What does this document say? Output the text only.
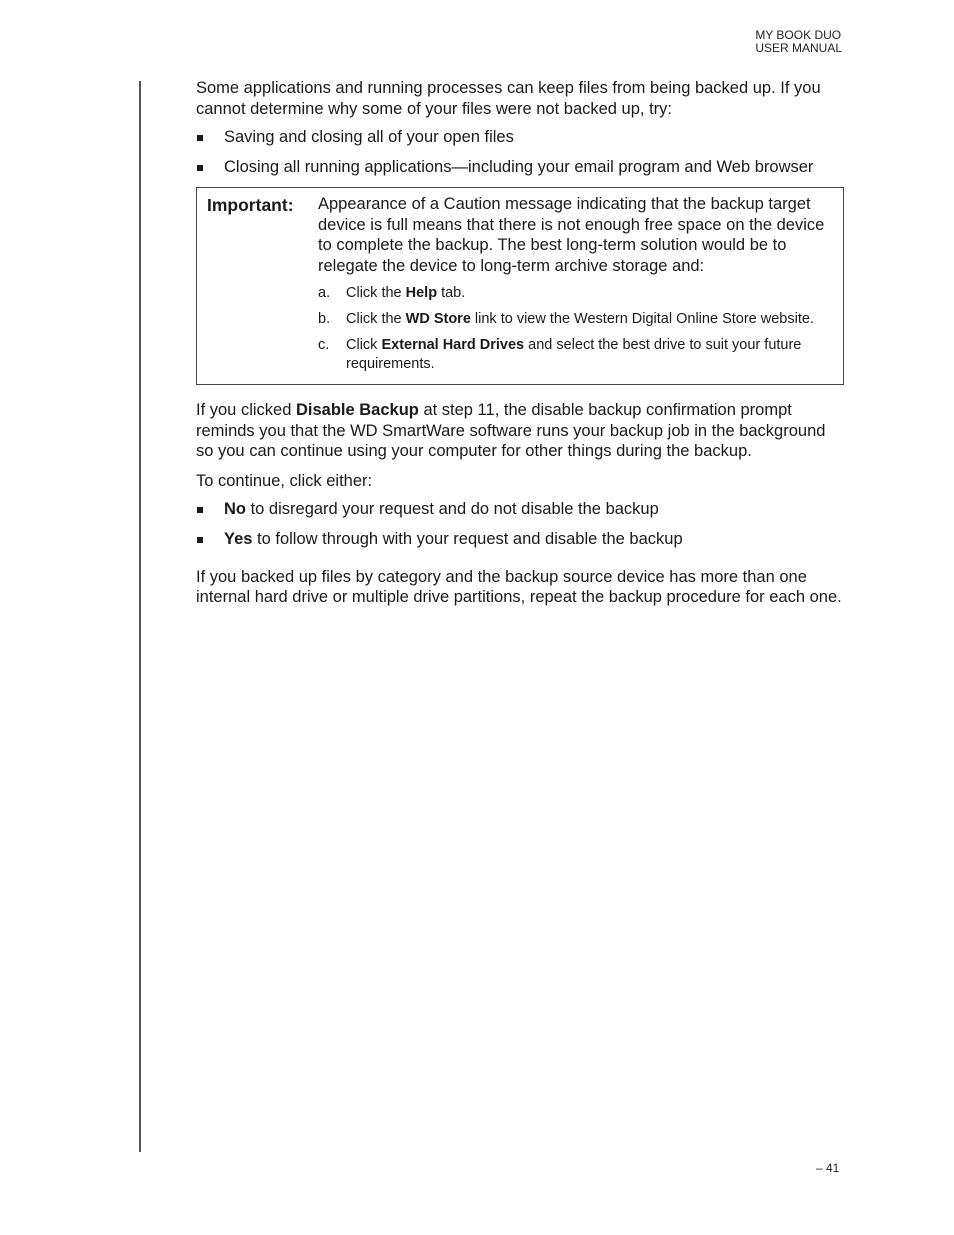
MY BOOK DUO
USER MANUAL

Some applications and running processes can keep files from being backed up. If you cannot determine why some of your files were not backed up, try:

Saving and closing all of your open files
Closing all running applications—including your email program and Web browser
Important:	Appearance of a Caution message indicating that the backup target device is full means that there is not enough free space on the device to complete the backup. The best long-term solution would be to relegate the device to long-term archive storage and:

a. Click the Help tab.
b. Click the WD Store link to view the Western Digital Online Store website.
c. Click External Hard Drives and select the best drive to suit your future requirements.

If you clicked Disable Backup at step 11, the disable backup confirmation prompt reminds you that the WD SmartWare software runs your backup job in the background so you can continue using your computer for other things during the backup.

To continue, click either:

No to disregard your request and do not disable the backup
Yes to follow through with your request and disable the backup

If you backed up files by category and the backup source device has more than one internal hard drive or multiple drive partitions, repeat the backup procedure for each one.

– 41
